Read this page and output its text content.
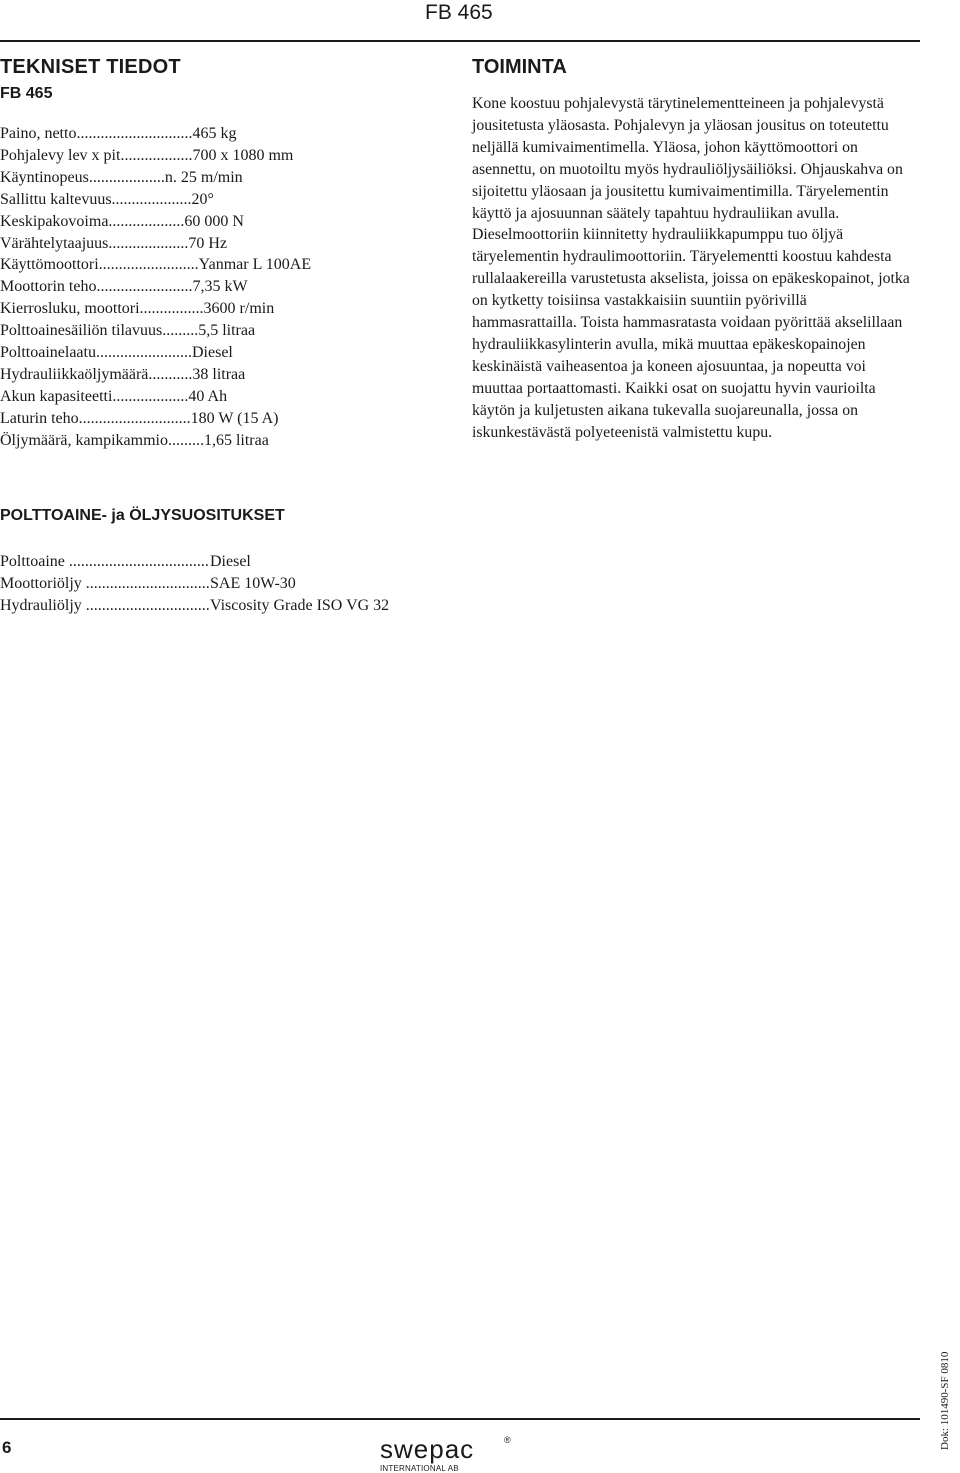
FB 465
TEKNISET TIEDOT
FB 465
Paino, netto ............................. 465 kg
Pohjalevy lev x pit .................. 700 x 1080 mm
Käyntinopeus ................... n. 25 m/min
Sallittu kaltevuus .................... 20°
Keskipakovoima ................... 60 000 N
Värähtelytaajuus .................... 70 Hz
Käyttömoottori ......................... Yanmar L 100AE
Moottorin teho ........................ 7,35 kW
Kierrosluku, moottori ................ 3600 r/min
Polttoainesäiliön tilavuus ......... 5,5 litraa
Polttoainelaatu ........................ Diesel
Hydrauliikkaöljymäärä ........... 38 litraa
Akun kapasiteetti ................... 40 Ah
Laturin teho ............................ 180 W (15 A)
Öljymäärä, kampikammio ......... 1,65 litraa
POLTTOAINE- ja ÖLJYSUOSITUKSET
Polttoaine .....	Diesel
Moottoriöljy .....	SAE 10W-30
Hydrauliöljy .....	Viscosity Grade ISO VG 32
TOIMINTA

Kone koostuu pohjalevystä tärytinelementteineen ja pohjalevystä jousitetusta yläosasta. Pohjalevyn ja yläosan jousitus on toteutettu neljällä kumivaimentimella. Yläosa, johon käyttömoottori on asennettu, on muotoiltu myös hydrauliöljysäiliöksi. Ohjauskahva on sijoitettu yläosaan ja jousitettu kumivaimentimilla. Täryelementin käyttö ja ajosuunnan säätely tapahtuu hydrauliikan avulla. Dieselmoottoriin kiinnitetty hydrauliikkapumppu tuo öljyä täryelementin hydraulimoottoriin. Täryelementti koostuu kahdesta rullalaakereilla varustetusta akselista, joissa on epäkeskopainot, jotka on kytketty toisiinsa vastakkaisiin suuntiin pyörivillä hammasrattailla. Toista hammasratasta voidaan pyörittää akselillaan hydrauliikkasylinterin avulla, mikä muuttaa epäkeskopainojen keskinäistä vaiheasentoa ja koneen ajosuuntaa, ja nopeutta voi muuttaa portaattomasti. Kaikki osat on suojattu hyvin vaurioilta käytön ja kuljetusten aikana tukevalla suojareunalla, jossa on iskunkestävästä polyeteenistä valmistettu kupu.

6	swepac	®
INTERNATIONAL AB
Dok: 101490-SF 0810
